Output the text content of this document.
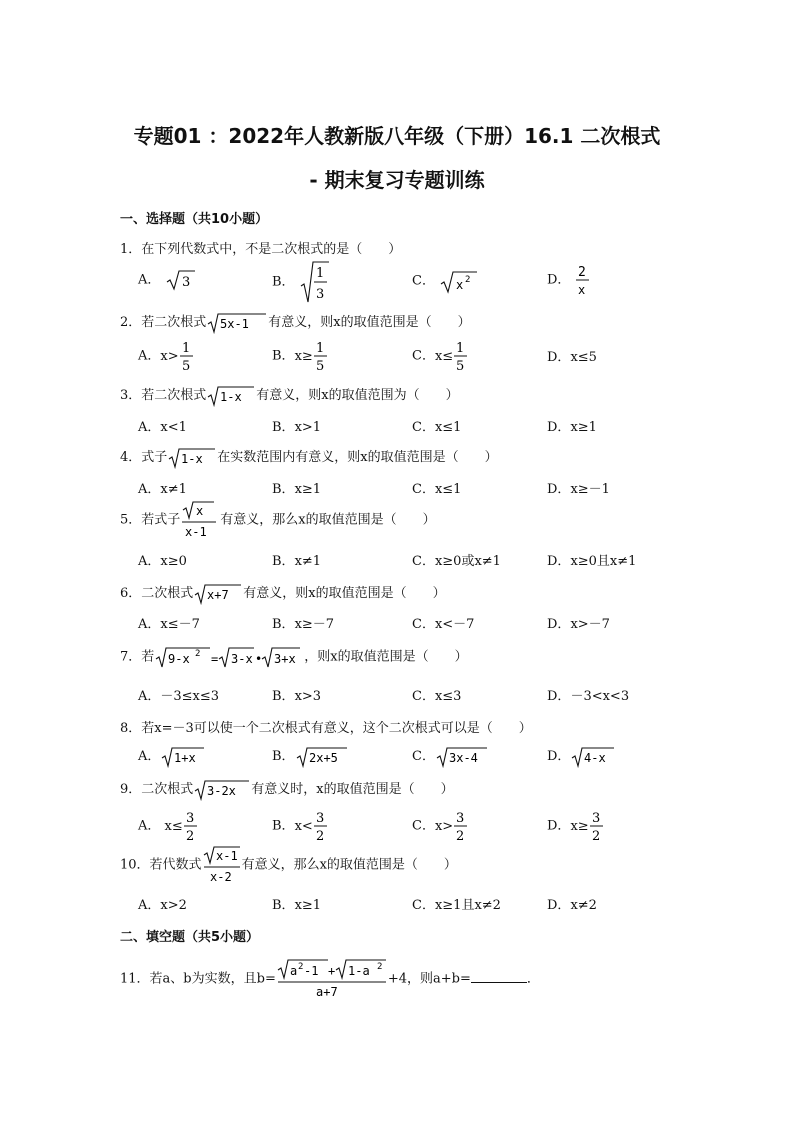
专题01 ：2022年人教新版八年级（下册）16.1 二次根式
- 期末复习专题训练
一、选择题（共10小题）
1．在下列代数式中，不是二次根式的是（　　）
A． 3	B．
1
3
C． x 2	D． 2
x
2．若二次根式 5x-1 有意义，则x的取值范围是（　　）
A．x> 1
5
B．x≥ 1
5
C．x≤ 1
5
D．x≤5
3．若二次根式 1-x 有意义，则x的取值范围为（　　）
A．x<1	B．x>1	C．x≤1	D．x≥1
4．式子 1-x 在实数范围内有意义，则x的取值范围是（　　）
A．x≠1	B．x≥1	C．x≤1	D．x≥－1
5．若式子
x
x-1
有意义，那么x的取值范围是（　　）
A．x≥0	B．x≠1	C．x≥0或x≠1	D．x≥0且x≠1
6．二次根式 x+7 有意义，则x的取值范围是（　　）
A．x≤－7	B．x≥－7	C．x<－7	D．x>－7
7．若 9-x 2 = 3-x • 3+x ，则x的取值范围是（　　）
A．－3≤x≤3	B．x>3	C．x≤3	D．－3<x<3
8．若x=－3可以使一个二次根式有意义，这个二次根式可以是（　　）
A． 1+x	B． 2x+5	C． 3x-4	D． 4-x
9．二次根式 3-2x 有意义时，x的取值范围是（　　）
A． x≤ 3
2
B．x< 3
2
C．x> 3
2
D．x≥ 3
2
10．若代数式
x-1
x-2
有意义，那么x的取值范围是（　　）
A．x>2	B．x≥1	C．x≥1且x≠2	D．x≠2
二、填空题（共5小题）
11．若a、b为实数，且b=
a 2 -1 + 1-a 2
a+7
+4，则a+b=	．
